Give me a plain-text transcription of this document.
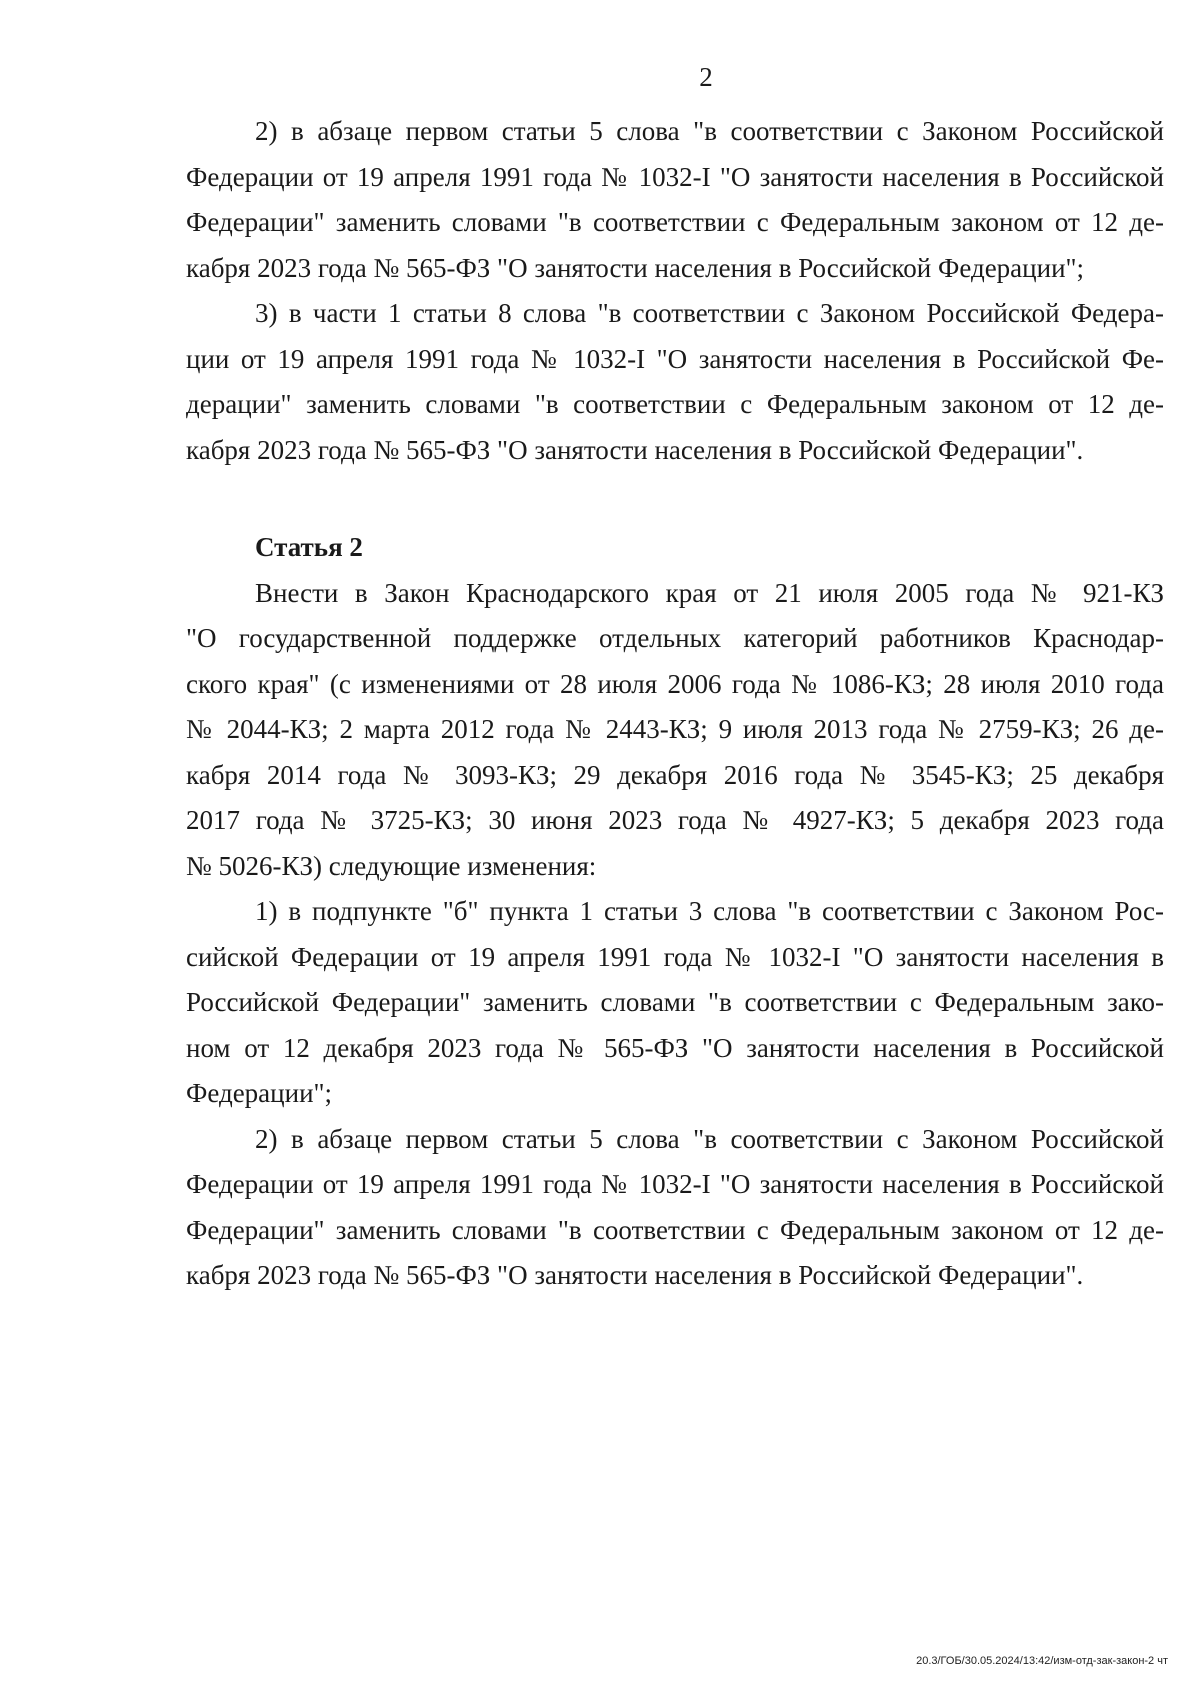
2
2) в абзаце первом статьи 5 слова "в соответствии с Законом Российской
Федерации от 19 апреля 1991 года № 1032-I "О занятости населения в Российской
Федерации" заменить словами "в соответствии с Федеральным законом от 12 де-
кабря 2023 года № 565-ФЗ "О занятости населения в Российской Федерации";
3) в части 1 статьи 8 слова "в соответствии с Законом Российской Федера-
ции от 19 апреля 1991 года № 1032-I "О занятости населения в Российской Фе-
дерации" заменить словами "в соответствии с Федеральным законом от 12 де-
кабря 2023 года № 565-ФЗ "О занятости населения в Российской Федерации".
Статья 2
Внести в Закон Краснодарского края от 21 июля 2005 года № 921-КЗ
"О государственной поддержке отдельных категорий работников Краснодар-
ского края" (с изменениями от 28 июля 2006 года № 1086-КЗ; 28 июля 2010 года
№ 2044-КЗ; 2 марта 2012 года № 2443-КЗ; 9 июля 2013 года № 2759-КЗ; 26 де-
кабря 2014 года № 3093-КЗ; 29 декабря 2016 года № 3545-КЗ; 25 декабря
2017 года № 3725-КЗ; 30 июня 2023 года № 4927-КЗ; 5 декабря 2023 года
№ 5026-КЗ) следующие изменения:
1) в подпункте "б" пункта 1 статьи 3 слова "в соответствии с Законом Рос-
сийской Федерации от 19 апреля 1991 года № 1032-I "О занятости населения в
Российской Федерации" заменить словами "в соответствии с Федеральным зако-
ном от 12 декабря 2023 года № 565-ФЗ "О занятости населения в Российской
Федерации";
2) в абзаце первом статьи 5 слова "в соответствии с Законом Российской
Федерации от 19 апреля 1991 года № 1032-I "О занятости населения в Российской
Федерации" заменить словами "в соответствии с Федеральным законом от 12 де-
кабря 2023 года № 565-ФЗ "О занятости населения в Российской Федерации".
20.3/ГОБ/30.05.2024/13:42/изм-отд-зак-закон-2 чт
